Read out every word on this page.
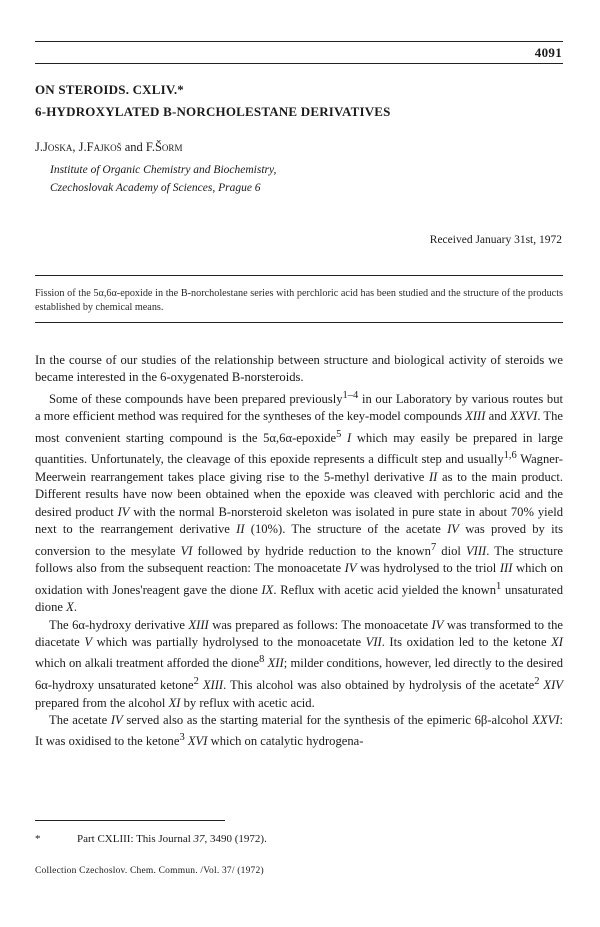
4091
ON STEROIDS. CXLIV.*
6-HYDROXYLATED B-NORCHOLESTANE DERIVATIVES
J.Joska, J.Fajkoš and F.Šorm
Institute of Organic Chemistry and Biochemistry,
Czechoslovak Academy of Sciences, Prague 6
Received January 31st, 1972
Fission of the 5α,6α-epoxide in the B-norcholestane series with perchloric acid has been studied and the structure of the products established by chemical means.

In the course of our studies of the relationship between structure and biological activity of steroids we became interested in the 6-oxygenated B-norsteroids.

Some of these compounds have been prepared previously$^{1-4}$ in our Laboratory by various routes but a more efficient method was required for the syntheses of the key-model compounds XIII and XXVI. The most convenient starting compound is the 5α,6α-epoxide$^5$ I which may easily be prepared in large quantities. Unfortunately, the cleavage of this epoxide represents a difficult step and usually$^{1,6}$ Wagner-Meerwein rearrangement takes place giving rise to the 5-methyl derivative II as to the main product. Different results have now been obtained when the epoxide was cleaved with perchloric acid and the desired product IV with the normal B-norsteroid skeleton was isolated in pure state in about 70% yield next to the rearrangement derivative II (10%). The structure of the acetate IV was proved by its conversion to the mesylate VI followed by hydride reduction to the known$^7$ diol VIII. The structure follows also from the subsequent reaction: The monoacetate IV was hydrolysed to the triol III which on oxidation with Jones'reagent gave the dione IX. Reflux with acetic acid yielded the known$^1$ unsaturated dione X.

The 6α-hydroxy derivative XIII was prepared as follows: The monoacetate IV was transformed to the diacetate V which was partially hydrolysed to the monoacetate VII. Its oxidation led to the ketone XI which on alkali treatment afforded the dione$^8$ XII; milder conditions, however, led directly to the desired 6α-hydroxy unsaturated ketone$^2$ XIII. This alcohol was also obtained by hydrolysis of the acetate$^2$ XIV prepared from the alcohol XI by reflux with acetic acid.

The acetate IV served also as the starting material for the synthesis of the epimeric 6β-alcohol XXVI: It was oxidised to the ketone$^3$ XVI which on catalytic hydrogena-

*	Part CXLIII: This Journal 37, 3490 (1972).
Collection Czechoslov. Chem. Commun. /Vol. 37/ (1972)
